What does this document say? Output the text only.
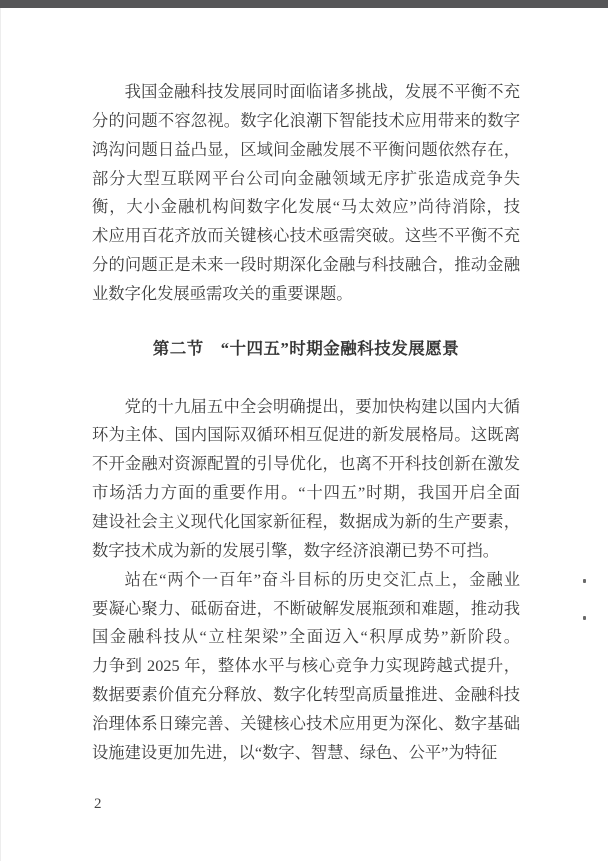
我国金融科技发展同时面临诸多挑战，发展不平衡不充
分的问题不容忽视。数字化浪潮下智能技术应用带来的数字
鸿沟问题日益凸显，区域间金融发展不平衡问题依然存在，
部分大型互联网平台公司向金融领域无序扩张造成竞争失
衡，大小金融机构间数字化发展“马太效应”尚待消除，技
术应用百花齐放而关键核心技术亟需突破。这些不平衡不充
分的问题正是未来一段时期深化金融与科技融合，推动金融
业数字化发展亟需攻关的重要课题。
第二节　“十四五”时期金融科技发展愿景
党的十九届五中全会明确提出，要加快构建以国内大循
环为主体、国内国际双循环相互促进的新发展格局。这既离
不开金融对资源配置的引导优化，也离不开科技创新在激发
市场活力方面的重要作用。“十四五”时期，我国开启全面
建设社会主义现代化国家新征程，数据成为新的生产要素，
数字技术成为新的发展引擎，数字经济浪潮已势不可挡。
站在“两个一百年”奋斗目标的历史交汇点上，金融业
要凝心聚力、砥砺奋进，不断破解发展瓶颈和难题，推动我
国金融科技从“立柱架梁”全面迈入“积厚成势”新阶段。
力争到 2025 年，整体水平与核心竞争力实现跨越式提升，
数据要素价值充分释放、数字化转型高质量推进、金融科技
治理体系日臻完善、关键核心技术应用更为深化、数字基础
设施建设更加先进，以“数字、智慧、绿色、公平”为特征
2
